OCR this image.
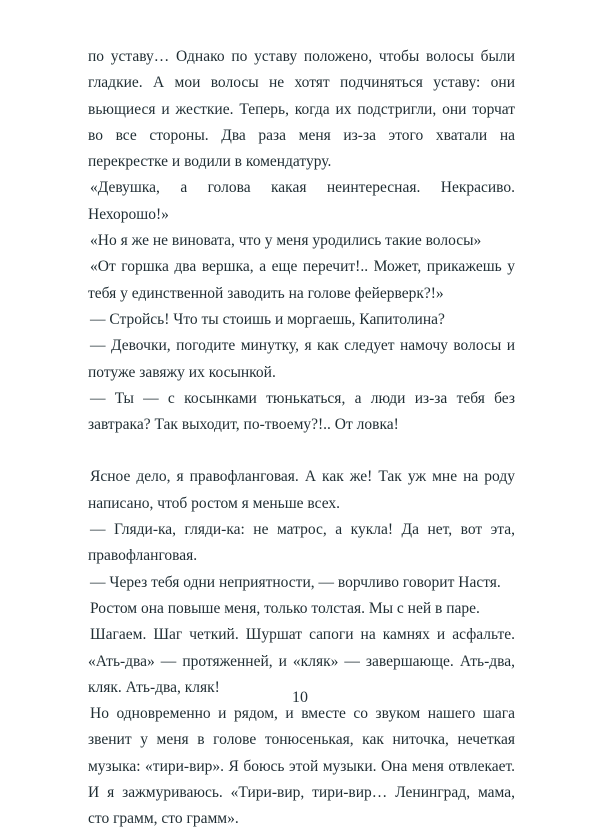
по уставу… Однако по уставу положено, чтобы волосы были гладкие. А мои волосы не хотят подчиняться уставу: они вьющиеся и жесткие. Теперь, когда их подстригли, они торчат во все стороны. Два раза меня из-за этого хватали на перекрестке и водили в комендатуру.

«Девушка, а голова какая неинтересная. Некрасиво. Нехорошо!»

«Но я же не виновата, что у меня уродились такие волосы»

«От горшка два вершка, а еще перечит!.. Может, прикажешь у тебя у единственной заводить на голове фейерверк?!»

— Стройсь! Что ты стоишь и моргаешь, Капитолина?

— Девочки, погодите минутку, я как следует намочу волосы и потуже завяжу их косынкой.

— Ты — с косынками тюнькаться, а люди из-за тебя без завтрака? Так выходит, по-твоему?!.. От ловка!

Ясное дело, я правофланговая. А как же! Так уж мне на роду написано, чтоб ростом я меньше всех.

— Гляди-ка, гляди-ка: не матрос, а кукла! Да нет, вот эта, правофланговая.

— Через тебя одни неприятности, — ворчливо говорит Настя.

Ростом она повыше меня, только толстая. Мы с ней в паре.

Шагаем. Шаг четкий. Шуршат сапоги на камнях и асфальте. «Ать-два» — протяженней, и «кляк» — завершающе. Ать-два, кляк. Ать-два, кляк!

Но одновременно и рядом, и вместе со звуком нашего шага звенит у меня в голове тонюсенькая, как ниточка, нечеткая музыка: «тири-вир». Я боюсь этой музыки. Она меня отвлекает. И я зажмуриваюсь. «Тири-вир, тири-вир… Ленинград, мама, сто грамм, сто грамм».

10
